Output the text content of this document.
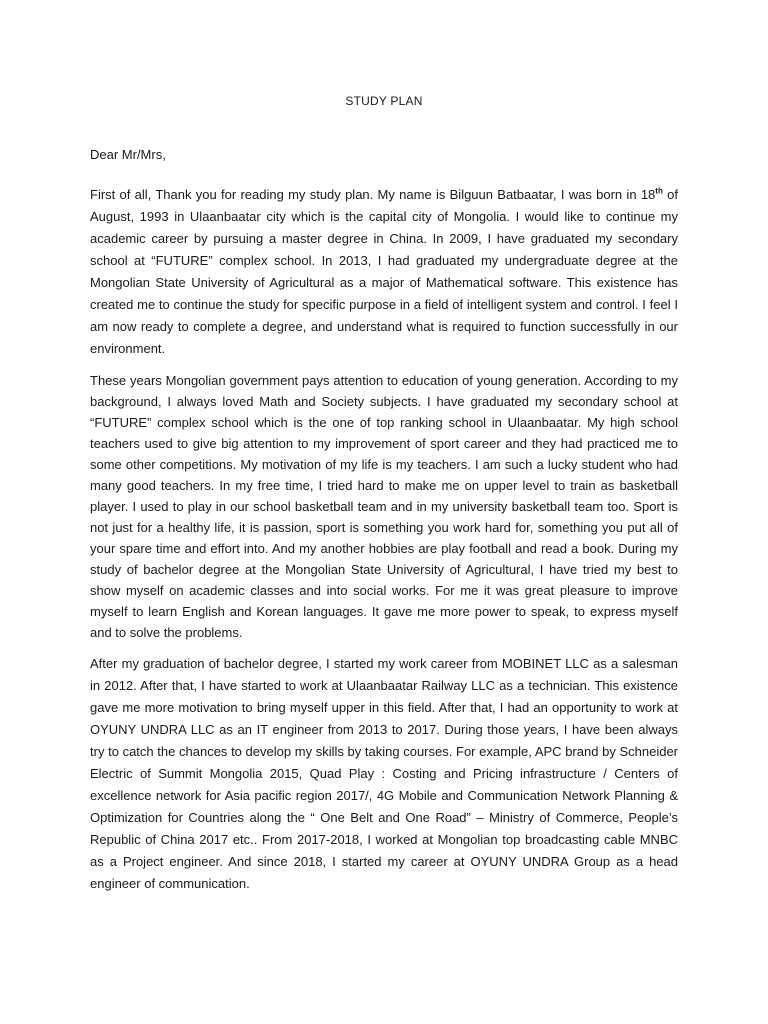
STUDY PLAN
Dear Mr/Mrs,

First of all, Thank you for reading my study plan. My name is Bilguun Batbaatar, I was born in 18th of August, 1993 in Ulaanbaatar city which is the capital city of Mongolia. I would like to continue my academic career by pursuing a master degree in China. In 2009, I have graduated my secondary school at “FUTURE” complex school. In 2013, I had graduated my undergraduate degree at the Mongolian State University of Agricultural as a major of Mathematical software. This existence has created me to continue the study for specific purpose in a field of intelligent system and control. I feel I am now ready to complete a degree, and understand what is required to function successfully in our environment.

These years Mongolian government pays attention to education of young generation. According to my background, I always loved Math and Society subjects. I have graduated my secondary school at “FUTURE” complex school which is the one of top ranking school in Ulaanbaatar. My high school teachers used to give big attention to my improvement of sport career and they had practiced me to some other competitions. My motivation of my life is my teachers. I am such a lucky student who had many good teachers. In my free time, I tried hard to make me on upper level to train as basketball player. I used to play in our school basketball team and in my university basketball team too. Sport is not just for a healthy life, it is passion, sport is something you work hard for, something you put all of your spare time and effort into. And my another hobbies are play football and read a book. During my study of bachelor degree at the Mongolian State University of Agricultural, I have tried my best to show myself on academic classes and into social works. For me it was great pleasure to improve myself to learn English and Korean languages. It gave me more power to speak, to express myself and to solve the problems.

After my graduation of bachelor degree, I started my work career from MOBINET LLC as a salesman in 2012. After that, I have started to work at Ulaanbaatar Railway LLC as a technician. This existence gave me more motivation to bring myself upper in this field. After that, I had an opportunity to work at OYUNY UNDRA LLC as an IT engineer from 2013 to 2017. During those years, I have been always try to catch the chances to develop my skills by taking courses. For example, APC brand by Schneider Electric of Summit Mongolia 2015, Quad Play : Costing and Pricing infrastructure / Centers of excellence network for Asia pacific region 2017/, 4G Mobile and Communication Network Planning & Optimization for Countries along the “ One Belt and One Road” – Ministry of Commerce, People’s Republic of China 2017 etc.. From 2017-2018, I worked at Mongolian top broadcasting cable MNBC as a Project engineer. And since 2018, I started my career at OYUNY UNDRA Group as a head engineer of communication.
